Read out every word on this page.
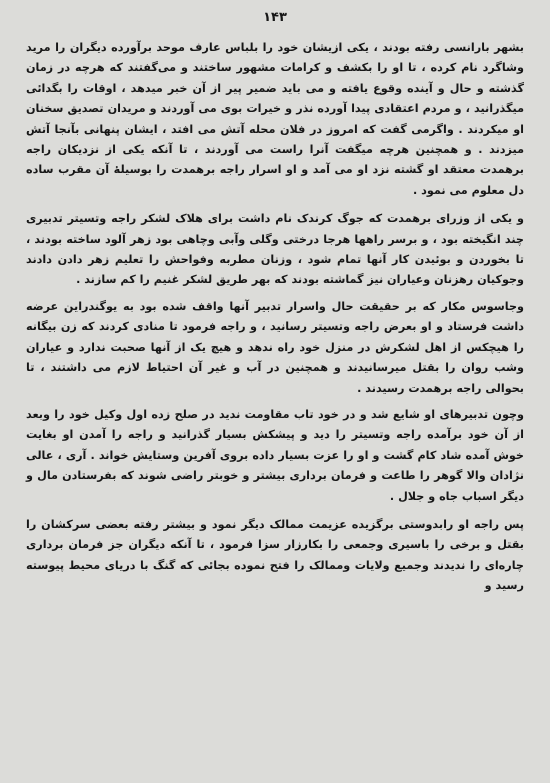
۱۴۳

بشهر بارانسی رفته بودند ، یکی ازیشان خود را بلباس عارف موحد برآورده دیگران را مرید وشاگرد نام کرده ، تا او را بکشف و کرامات مشهور ساختند و می‌گفتند که هرچه در زمان گذشته و حال و آینده وقوع یافته و می باید ضمیر پیر از آن خبر میدهد ، اوقات را بگدائی میگذرانید ، و مردم اعتقادی پیدا آورده نذر و خیرات بوی می آوردند و مریدان تصدیق سخنان او میکردند . واگرمی گفت که امروز در فلان محله آتش می افتد ، ایشان پنهانی بآنجا آتش میزدند . و همچنین هرچه میگفت آنرا راست می آوردند ، تا آنکه یکی از نزدیکان راجه برهمدت معتقد او گشته نزد او می آمد و او اسرار راجه برهمدت را بوسیلهٔ آن مقرب ساده دل معلوم می نمود .

و یکی از وزرای برهمدت که جوگ کرندک نام داشت برای هلاک لشکر راجه وتسیتر تدبیری چند انگیخته بود ، و برسر راهها هرجا درختی وگلی وآبی وچاهی بود زهر آلود ساخته بودند ، تا بخوردن و بوئیدن کار آنها تمام شود ، وزنان مطربه وفواحش را تعلیم زهر دادن دادند وجوکیان رهزنان وعیاران نیز گماشته بودند که بهر طریق لشکر غنیم را کم سازند .

وجاسوس مکار که بر حقیقت حال واسرار تدبیر آنها واقف شده بود به یوگندراین عرضه داشت فرستاد و او بعرض راجه وتسیتر رسانید ، و راجه فرمود تا منادی کردند که زن بیگانه را هیچکس از اهل لشکرش در منزل خود راه ندهد و هیچ یک از آنها صحبت ندارد و عیاران وشب روان را بقتل میرسانیدند و همچنین در آب و غیر آن احتیاط لازم می داشتند ، تا بحوالی راجه برهمدت رسیدند .

وچون تدبیرهای او شایع شد و در خود تاب مقاومت ندید در صلح زده اول وکیل خود را وبعد از آن خود برآمده راجه وتسیتر را دید و پیشکش بسیار گذرانید و راجه را آمدن او بغایت خوش آمده شاد کام گشت و او را عزت بسیار داده بروی آفرین وستایش خواند . آری ، عالی نژادان والا گوهر را طاعت و فرمان برداری بیشتر و خوبتر راضی شوند که بفرستادن مال و دیگر اسباب جاه و جلال .

پس راجه او رابدوستی برگزیده عزیمت ممالک دیگر نمود و بیشتر رفته بعضی سرکشان را بقتل و برخی را باسیری وجمعی را بکارزار سزا فرمود ، تا آنکه دیگران جز فرمان برداری چاره‌ای را ندیدند وجمیع ولایات وممالک را فتح نموده بجائی که گنگ با دریای محیط پیوسته رسید و
